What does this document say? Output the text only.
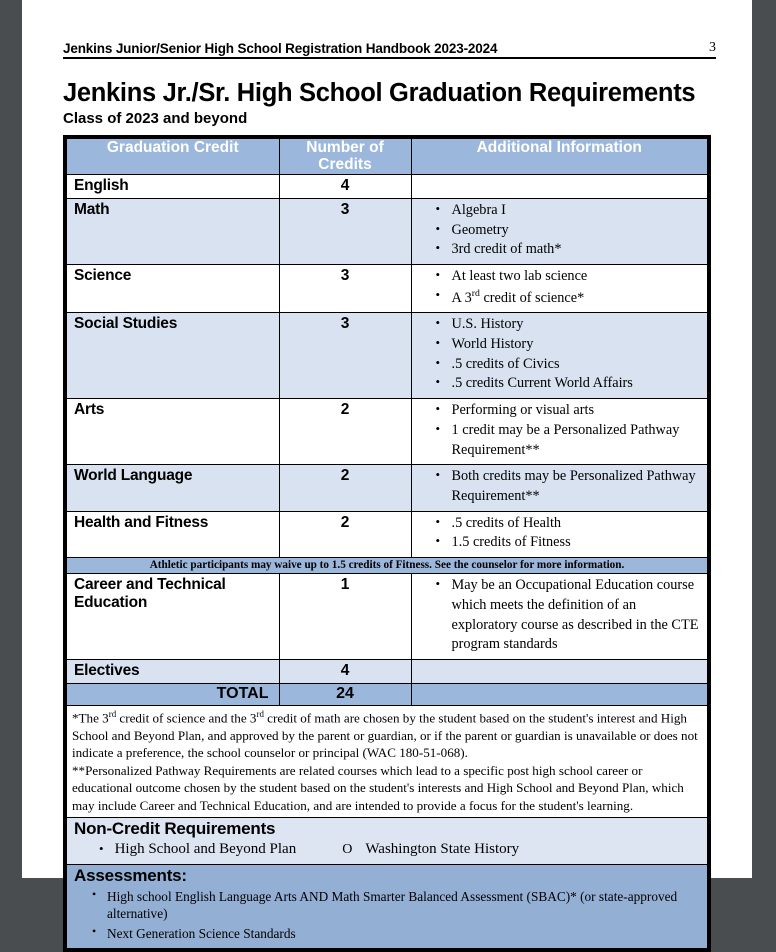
Jenkins Junior/Senior High School Registration Handbook 2023-2024	3
Jenkins Jr./Sr. High School Graduation Requirements
Class of 2023 and beyond
Graduation Credit	Number of Credits	Additional Information
English	4	
Math	3	
•Algebra I
• Geometry
• 3rd credit of math*

Science	3	
•At least two lab science
• A 3rd credit of science*

Social Studies	3	
•U.S. History
• World History
• .5 credits of Civics
• .5 credits Current World Affairs

Arts	2	
•Performing or visual arts
• 1 credit may be a Personalized Pathway Requirement**

World Language	2	
• Both credits may be Personalized Pathway Requirement**

Health and Fitness	2	
•.5 credits of Health
• 1.5 credits of Fitness

Athletic participants may waive up to 1.5 credits of Fitness. See the counselor for more information.		
Career and Technical Education	1	
•May be an Occupational Education course which meets the definition of an exploratory course as described in the CTE program standards

Electives	4	
TOTAL	24	

*The 3rd credit of science and the 3rd credit of math are chosen by the student based on the student's interest and High School and Beyond Plan, and approved by the parent or guardian, or if the parent or guardian is unavailable or does not indicate a preference, the school counselor or principal (WAC 180-51-068).

**Personalized Pathway Requirements are related courses which lead to a specific post high school career or educational outcome chosen by the student based on the student's interests and High School and Beyond Plan, which may include Career and Technical Education, and are intended to provide a focus for the student's learning.		

Non-Credit Requirements
• High School and Beyond Plan O Washington State History		

Assessments:
• High school English Language Arts AND Math Smarter Balanced Assessment (SBAC)* (or state-approved alternative)
• Next Generation Science Standards
